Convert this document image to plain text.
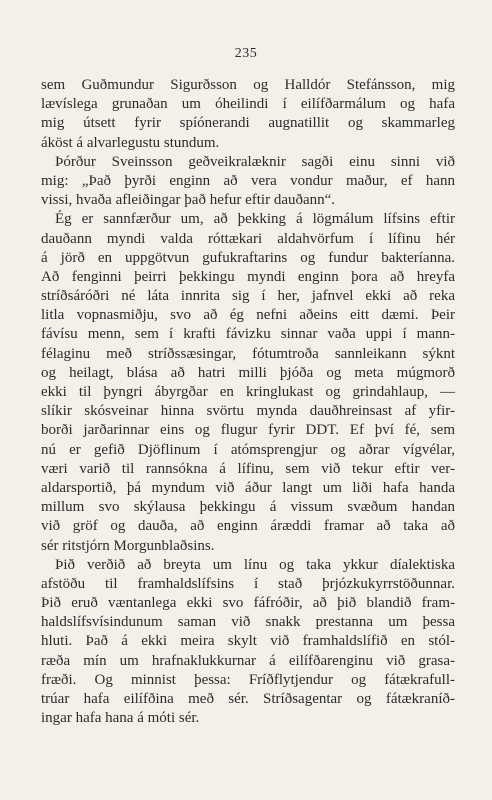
235
sem Guðmundur Sigurðsson og Halldór Stefánsson, mig
lævíslega grunaðan um óheilindi í eilífðarmálum og hafa
mig útsett fyrir spíónerandi augnatillit og skammarleg
áköst á alvarlegustu stundum.
Þórður Sveinsson geðveikralæknir sagði einu sinni við
mig: „Það þyrði enginn að vera vondur maður, ef hann
vissi, hvaða afleiðingar það hefur eftir dauðann“.
Ég er sannfærður um, að þekking á lögmálum lífsins eftir
dauðann myndi valda róttækari aldahvörfum í lífinu hér
á jörð en uppgötvun gufukraftarins og fundur bakteríanna.
Að fenginni þeirri þekkingu myndi enginn þora að hreyfa
stríðsáróðri né láta innrita sig í her, jafnvel ekki að reka
litla vopnasmiðju, svo að ég nefni aðeins eitt dæmi. Þeir
fávísu menn, sem í krafti fávizku sinnar vaða uppi í mann-
félaginu með stríðssæsingar, fótumtroða sannleikann sýknt
og heilagt, blása að hatri milli þjóða og meta múgmorð
ekki til þyngri ábyrgðar en kringlukast og grindahlaup, —
slíkir skósveinar hinna svörtu mynda dauðhreinsast af yfir-
borði jarðarinnar eins og flugur fyrir DDT. Ef því fé, sem
nú er gefið Djöflinum í atómsprengjur og aðrar vígvélar,
væri varið til rannsókna á lífinu, sem við tekur eftir ver-
aldarsportið, þá myndum við áður langt um liði hafa handa
millum svo skýlausa þekkingu á vissum svæðum handan
við gröf og dauða, að enginn áræddi framar að taka að
sér ritstjórn Morgunblaðsins.
Þið verðið að breyta um línu og taka ykkur díalektiska
afstöðu til framhaldslífsins í stað þrjózkukyrrstöðunnar.
Þið eruð væntanlega ekki svo fáfróðir, að þið blandið fram-
haldslífsvísindunum saman við snakk prestanna um þessa
hluti. Það á ekki meira skylt við framhaldslífið en stól-
ræða mín um hrafnaklukkurnar á eilífðarenginu við grasa-
fræði. Og minnist þessa: Fríðflytjendur og fátækrafull-
trúar hafa eilífðina með sér. Stríðsagentar og fátækraníð-
ingar hafa hana á móti sér.
